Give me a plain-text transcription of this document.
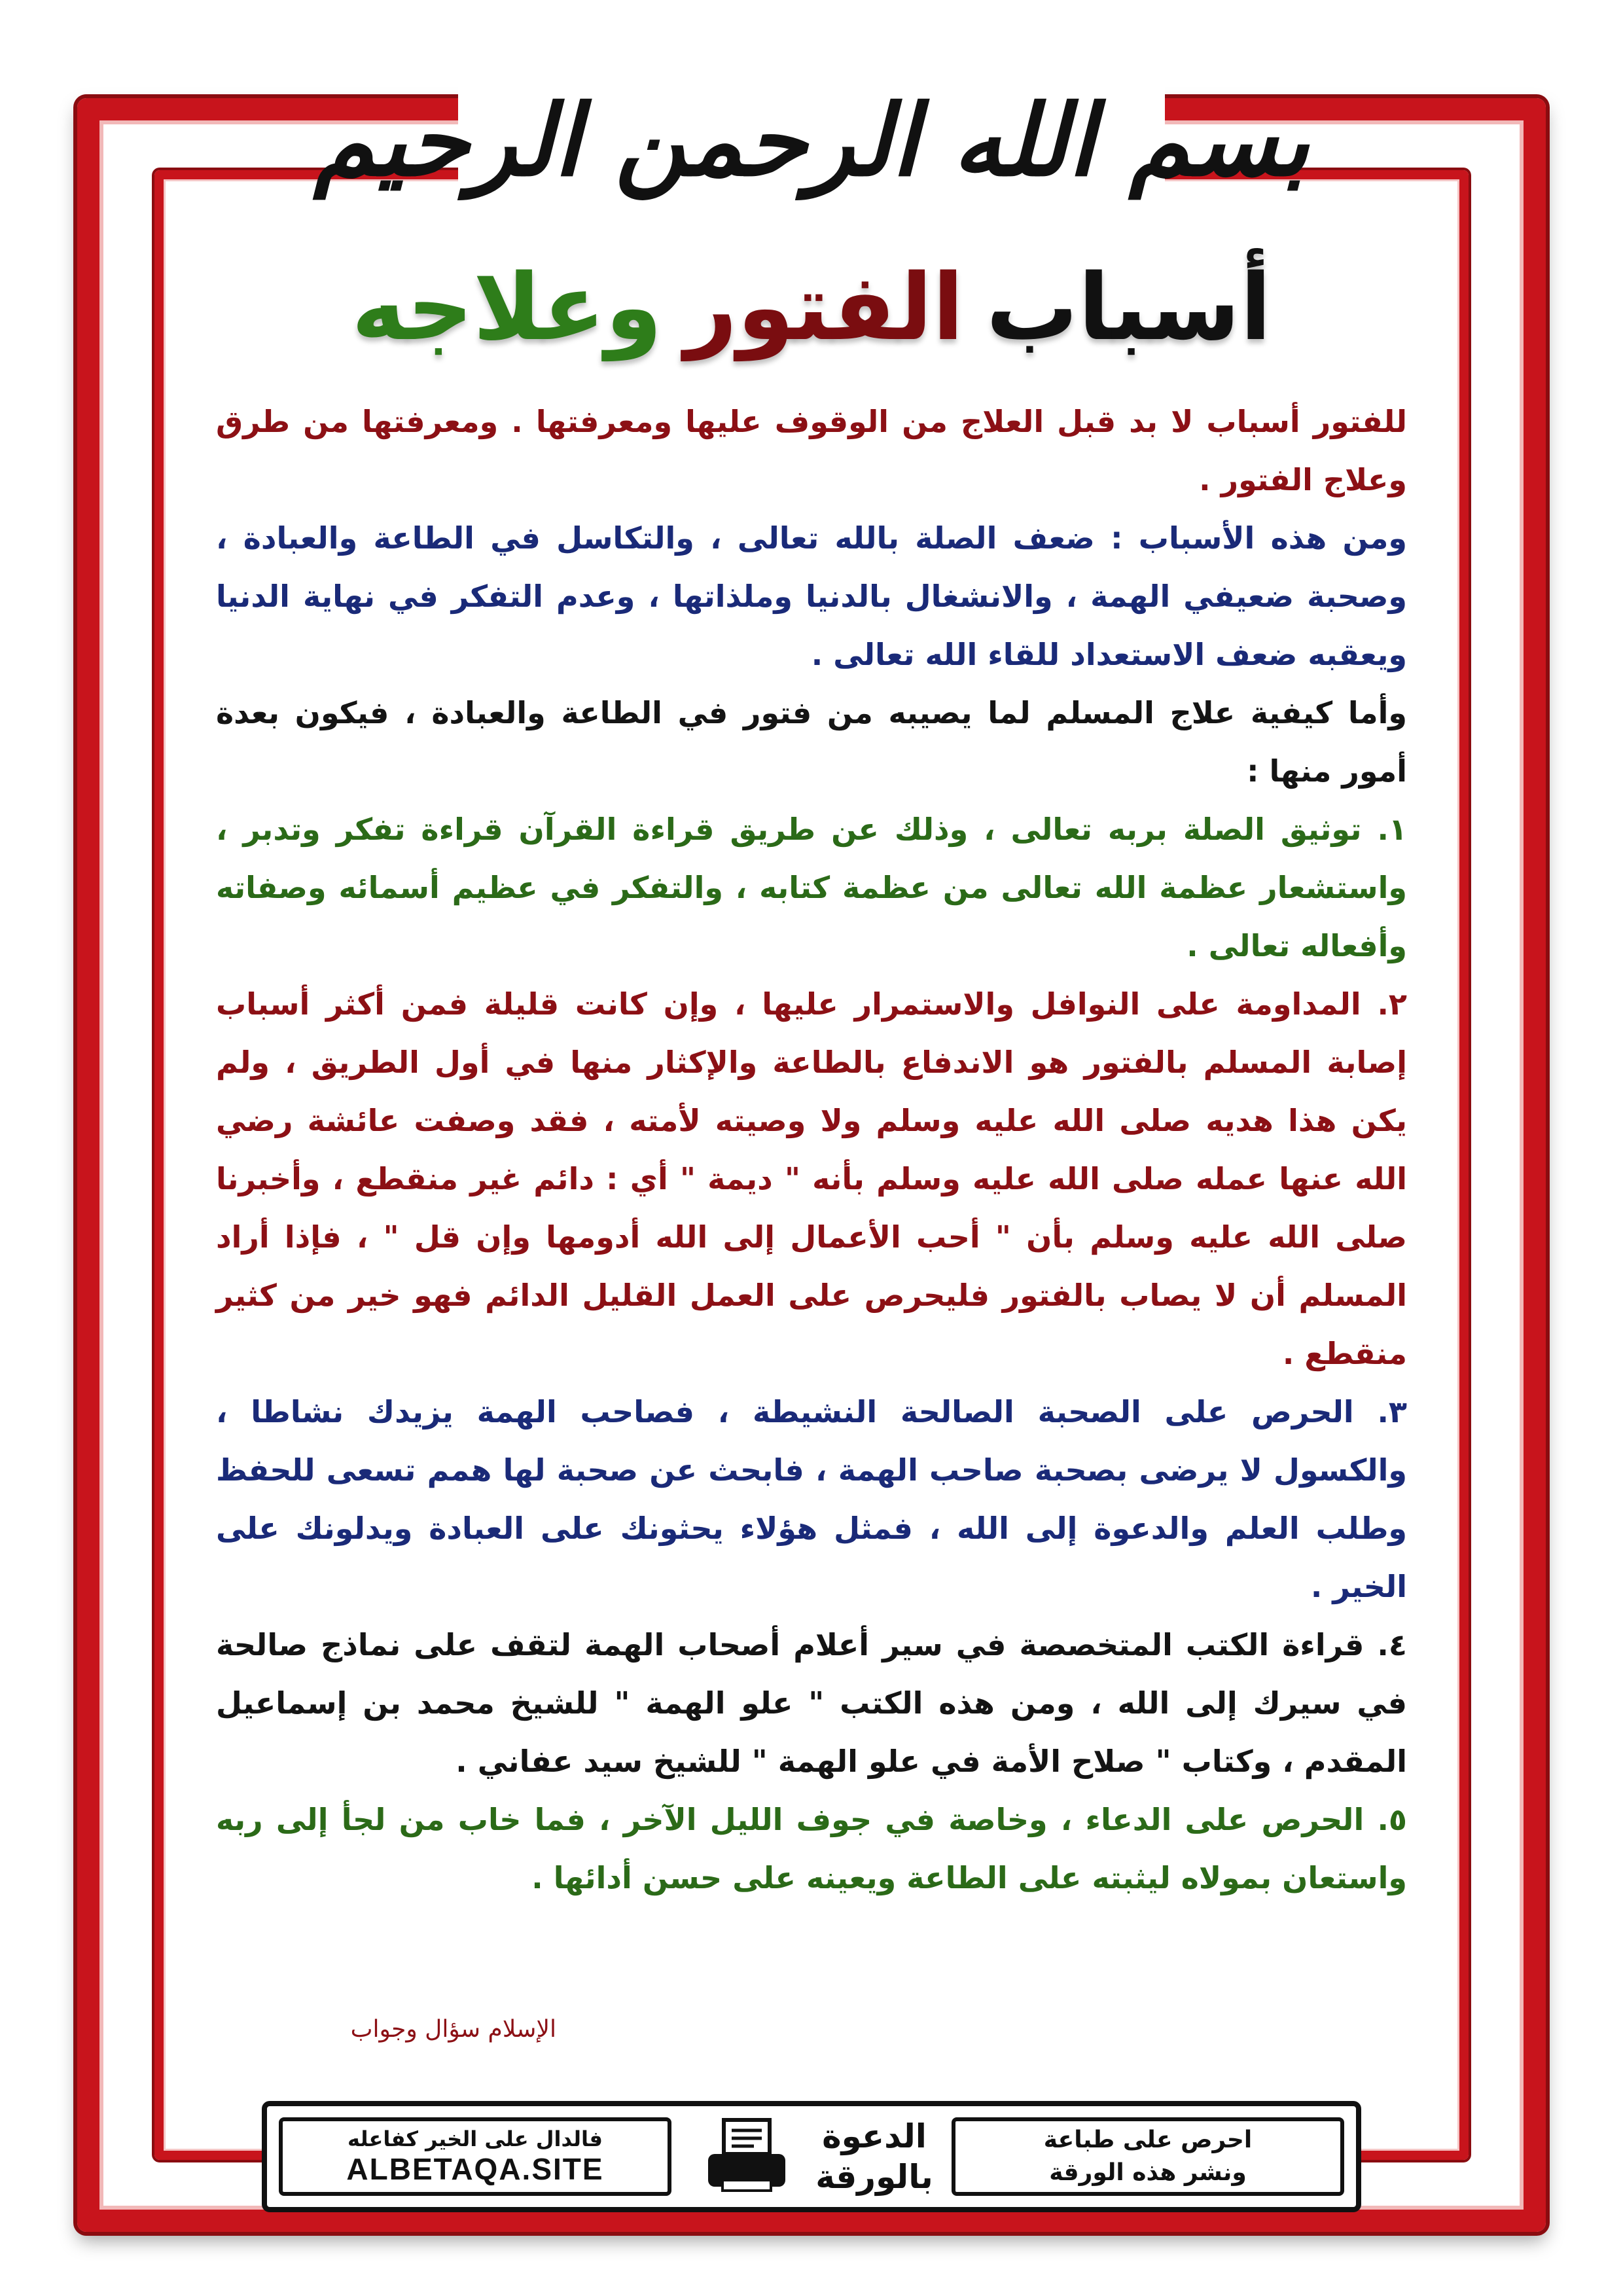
بسم الله الرحمن الرحيم
أسباب
الفتور
وعلاجه

للفتور أسباب لا بد قبل العلاج من الوقوف عليها ومعرفتها . ومعرفتها من طرق وعلاج الفتور .

ومن هذه الأسباب : ضعف الصلة بالله تعالى ، والتكاسل في الطاعة والعبادة ، وصحبة ضعيفي الهمة ، والانشغال بالدنيا وملذاتها ، وعدم التفكر في نهاية الدنيا ويعقبه ضعف الاستعداد للقاء الله تعالى .

وأما كيفية علاج المسلم لما يصيبه من فتور في الطاعة والعبادة ، فيكون بعدة أمور منها :

١. توثيق الصلة بربه تعالى ، وذلك عن طريق قراءة القرآن قراءة تفكر وتدبر ، واستشعار عظمة الله تعالى من عظمة كتابه ، والتفكر في عظيم أسمائه وصفاته وأفعاله تعالى .

٢. المداومة على النوافل والاستمرار عليها ، وإن كانت قليلة فمن أكثر أسباب إصابة المسلم بالفتور هو الاندفاع بالطاعة والإكثار منها في أول الطريق ، ولم يكن هذا هديه صلى الله عليه وسلم ولا وصيته لأمته ، فقد وصفت عائشة رضي الله عنها عمله صلى الله عليه وسلم بأنه " ديمة " أي : دائم غير منقطع ، وأخبرنا صلى الله عليه وسلم بأن " أحب الأعمال إلى الله أدومها وإن قل " ، فإذا أراد المسلم أن لا يصاب بالفتور فليحرص على العمل القليل الدائم فهو خير من كثير منقطع .

٣. الحرص على الصحبة الصالحة النشيطة ، فصاحب الهمة يزيدك نشاطا ، والكسول لا يرضى بصحبة صاحب الهمة ، فابحث عن صحبة لها همم تسعى للحفظ وطلب العلم والدعوة إلى الله ، فمثل هؤلاء يحثونك على العبادة ويدلونك على الخير .

٤. قراءة الكتب المتخصصة في سير أعلام أصحاب الهمة لتقف على نماذج صالحة في سيرك إلى الله ، ومن هذه الكتب " علو الهمة " للشيخ محمد بن إسماعيل المقدم ، وكتاب " صلاح الأمة في علو الهمة " للشيخ سيد عفاني .

٥. الحرص على الدعاء ، وخاصة في جوف الليل الآخر ، فما خاب من لجأ إلى ربه واستعان بمولاه ليثبته على الطاعة ويعينه على حسن أدائها .

الإسلام سؤال وجواب
فالدال على الخير كفاعله
ALBETAQA.SITE
الدعوة
بالورقة
احرص على طباعة
ونشر هذه الورقة
